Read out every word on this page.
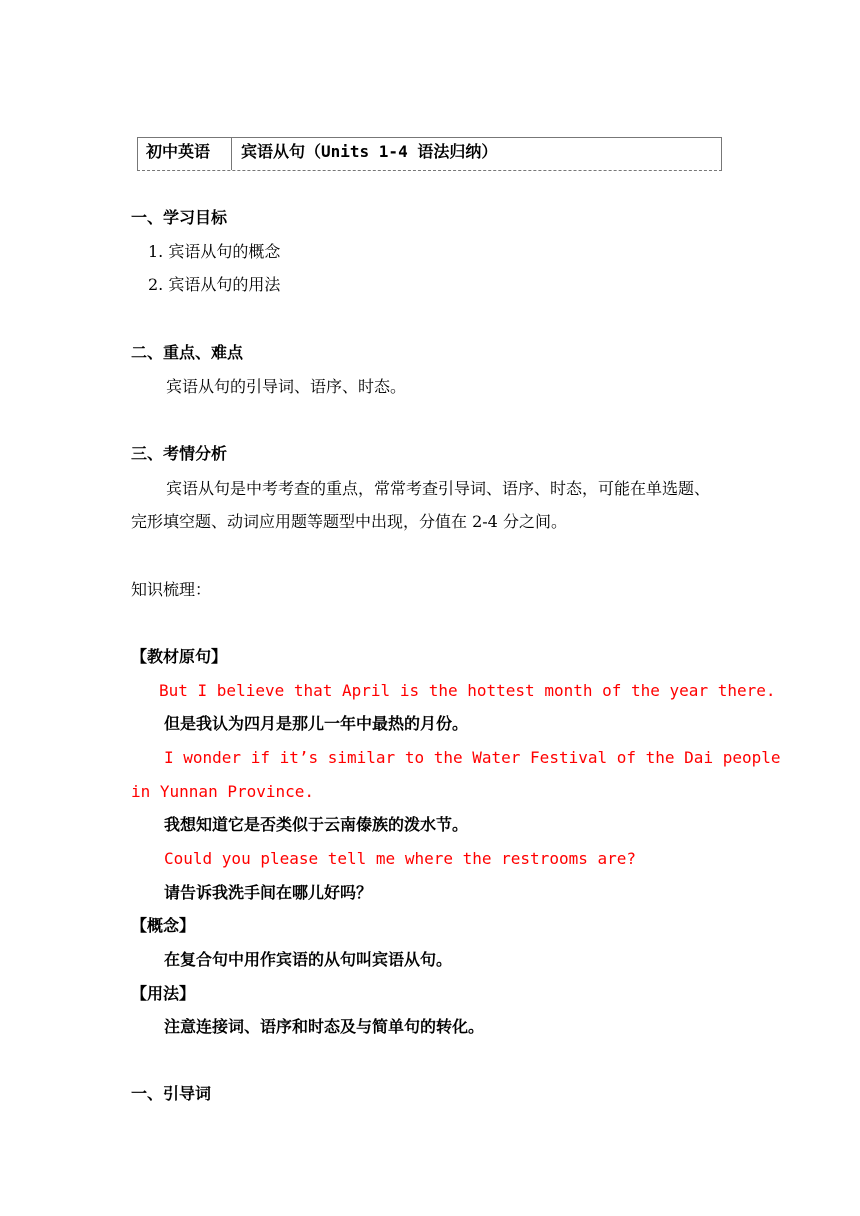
初中英语	宾语从句（Units 1-4 语法归纳）
一、学习目标
1. 宾语从句的概念
2. 宾语从句的用法
二、重点、难点
宾语从句的引导词、语序、时态。
三、考情分析
宾语从句是中考考查的重点，常常考查引导词、语序、时态，可能在单选题、
完形填空题、动词应用题等题型中出现，分值在 2-4 分之间。
知识梳理：
【教材原句】
But I believe that April is the hottest month of the year there.
但是我认为四月是那儿一年中最热的月份。
I wonder if it’s similar to the Water Festival of the Dai people
in Yunnan Province.
我想知道它是否类似于云南傣族的泼水节。
Could you please tell me where the restrooms are?
请告诉我洗手间在哪儿好吗？
【概念】
在复合句中用作宾语的从句叫宾语从句。
【用法】
注意连接词、语序和时态及与简单句的转化。
一、引导词
